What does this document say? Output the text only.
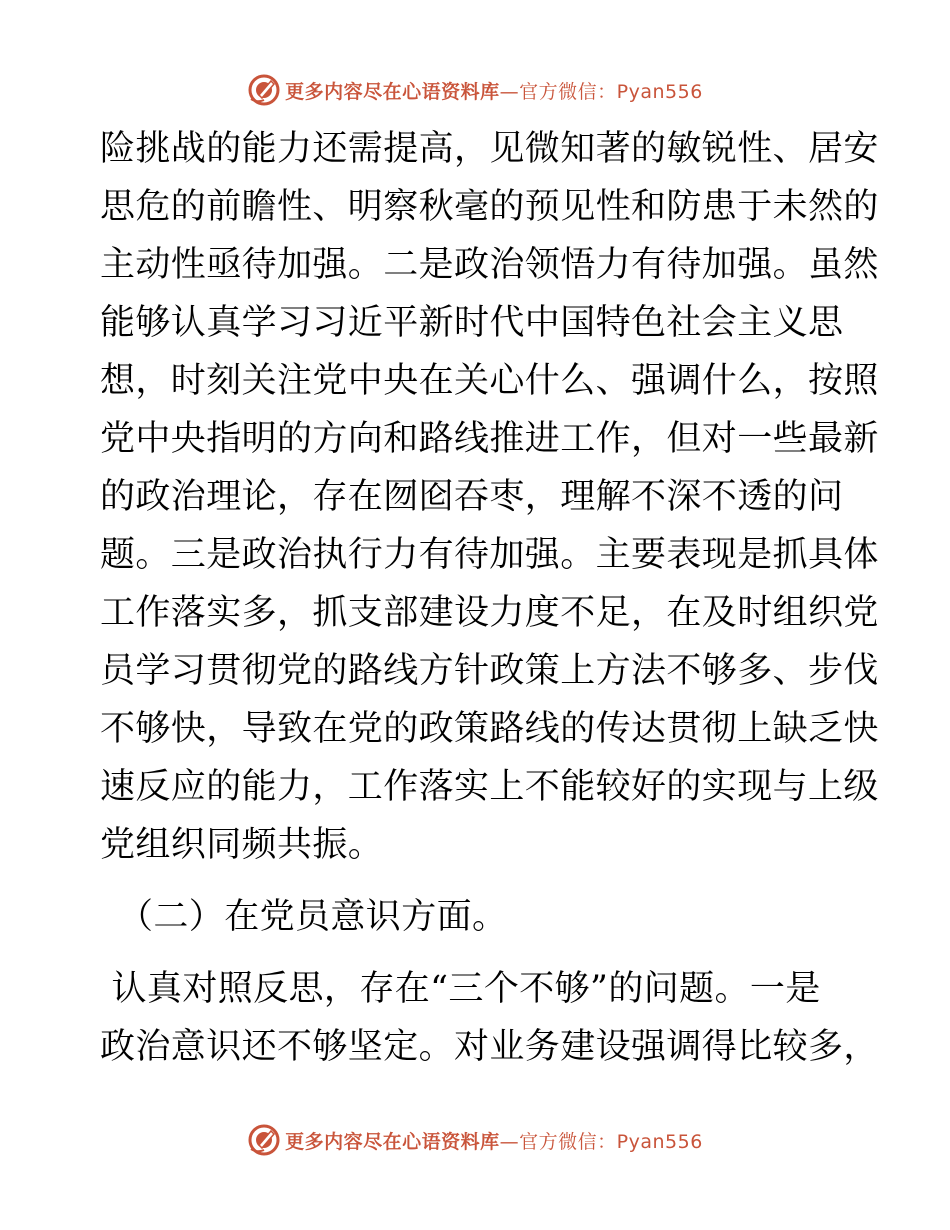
更多内容尽在心语资料库—官方微信：Pyan556
险挑战的能力还需提高，见微知著的敏锐性、居安
思危的前瞻性、明察秋毫的预见性和防患于未然的
主动性亟待加强。二是政治领悟力有待加强。虽然
能够认真学习习近平新时代中国特色社会主义思
想，时刻关注党中央在关心什么、强调什么，按照
党中央指明的方向和路线推进工作，但对一些最新
的政治理论，存在囫囵吞枣，理解不深不透的问
题。三是政治执行力有待加强。主要表现是抓具体
工作落实多，抓支部建设力度不足，在及时组织党
员学习贯彻党的路线方针政策上方法不够多、步伐
不够快，导致在党的政策路线的传达贯彻上缺乏快
速反应的能力，工作落实上不能较好的实现与上级
党组织同频共振。
（二）在党员意识方面。
认真对照反思，存在“三个不够”的问题。一是
政治意识还不够坚定。对业务建设强调得比较多，
更多内容尽在心语资料库—官方微信：Pyan556
